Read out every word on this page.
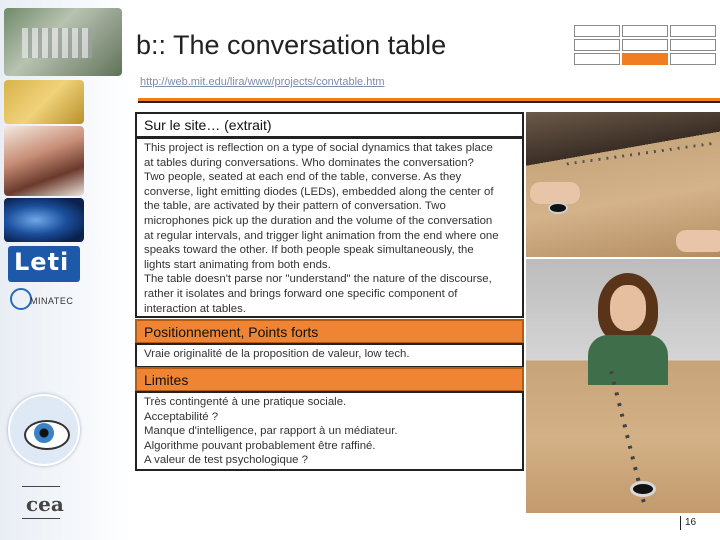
Leti
MINATEC
cea
b:: The conversation table
http://web.mit.edu/lira/www/projects/convtable.htm
Sur le site… (extrait)
This project is reflection on a type of social dynamics that takes place
at tables during conversations. Who dominates the conversation?
Two people, seated at each end of the table, converse. As they
converse, light emitting diodes (LEDs), embedded along the center of
the table, are activated by their pattern of conversation. Two
microphones pick up the duration and the volume of the conversation
at regular intervals, and trigger light animation from the end where one
speaks toward the other. If both people speak simultaneously, the
lights start animating from both ends.
The table doesn't parse nor "understand" the nature of the discourse,
rather it isolates and brings forward one specific component of
interaction at tables.
Positionnement, Points forts
Vraie originalité de la proposition de valeur, low tech.
Limites
Très contingenté à une pratique sociale.
Acceptabilité ?
Manque d'intelligence, par rapport à un médiateur.
Algorithme pouvant probablement être raffiné.
A valeur de test psychologique ?
16
